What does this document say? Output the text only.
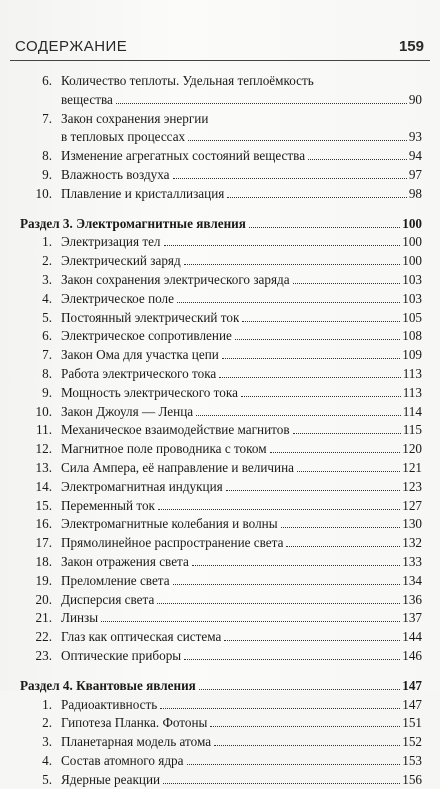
СОДЕРЖАНИЕ	159
6. Количество теплоты. Удельная теплоёмкость
вещества	90
7. Закон сохранения энергии
в тепловых процессах	93
8. Изменение агрегатных состояний вещества	94
9. Влажность воздуха	97
10. Плавление и кристаллизация	98
Раздел 3. Электромагнитные явления	100
1. Электризация тел	100
2. Электрический заряд	100
3. Закон сохранения электрического заряда	103
4. Электрическое поле	103
5. Постоянный электрический ток	105
6. Электрическое сопротивление	108
7. Закон Ома для участка цепи	109
8. Работа электрического тока	113
9. Мощность электрического тока	113
10. Закон Джоуля — Ленца	114
11. Механическое взаимодействие магнитов	115
12. Магнитное поле проводника с током	120
13. Сила Ампера, её направление и величина	121
14. Электромагнитная индукция	123
15. Переменный ток	127
16. Электромагнитные колебания и волны	130
17. Прямолинейное распространение света	132
18. Закон отражения света	133
19. Преломление света	134
20. Дисперсия света	136
21. Линзы	137
22. Глаз как оптическая система	144
23. Оптические приборы	146
Раздел 4. Квантовые явления	147
1. Радиоактивность	147
2. Гипотеза Планка. Фотоны	151
3. Планетарная модель атома	152
4. Состав атомного ядра	153
5. Ядерные реакции	156
